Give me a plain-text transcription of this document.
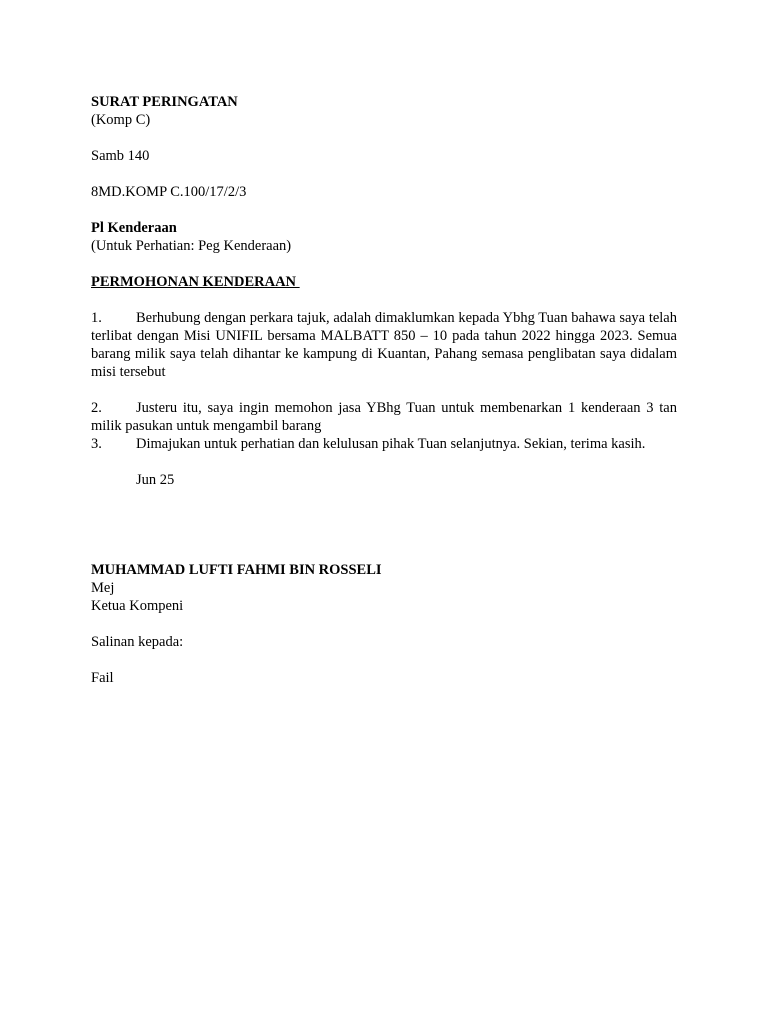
SURAT PERINGATAN

(Komp C)

Samb 140

8MD.KOMP C.100/17/2/3

Pl Kenderaan

(Untuk Perhatian: Peg Kenderaan)

PERMOHONAN KENDERAAN

1. Berhubung dengan perkara tajuk, adalah dimaklumkan kepada Ybhg Tuan bahawa saya telah terlibat dengan Misi UNIFIL bersama MALBATT 850 – 10 pada tahun 2022 hingga 2023. Semua barang milik saya telah dihantar ke kampung di Kuantan, Pahang semasa penglibatan saya didalam misi tersebut

2. Justeru itu, saya ingin memohon jasa YBhg Tuan untuk membenarkan 1 kenderaan 3 tan milik pasukan untuk mengambil barang

3. Dimajukan untuk perhatian dan kelulusan pihak Tuan selanjutnya. Sekian, terima kasih.

Jun 25

MUHAMMAD LUFTI FAHMI BIN ROSSELI

Mej

Ketua Kompeni

Salinan kepada:

Fail
